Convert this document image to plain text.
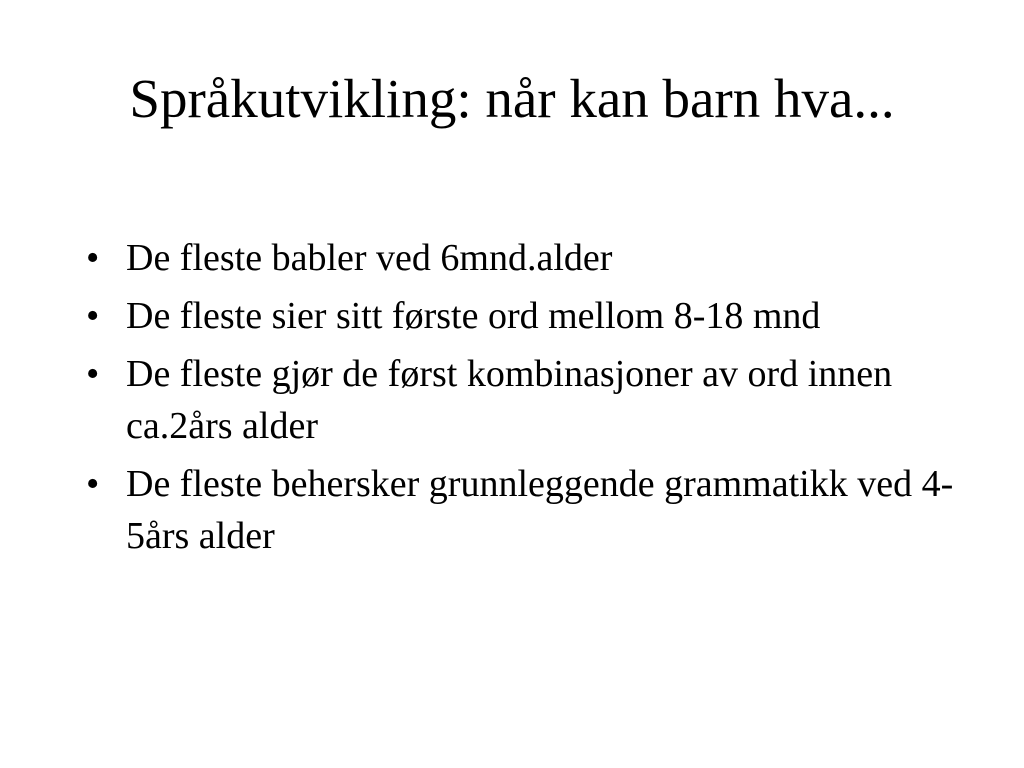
Språkutvikling: når kan barn hva...
• De fleste babler ved 6mnd.alder
• De fleste sier sitt første ord mellom 8-18 mnd
• De fleste gjør de først kombinasjoner av ord innen ca.2års alder
• De fleste behersker grunnleggende grammatikk ved 4-5års alder
